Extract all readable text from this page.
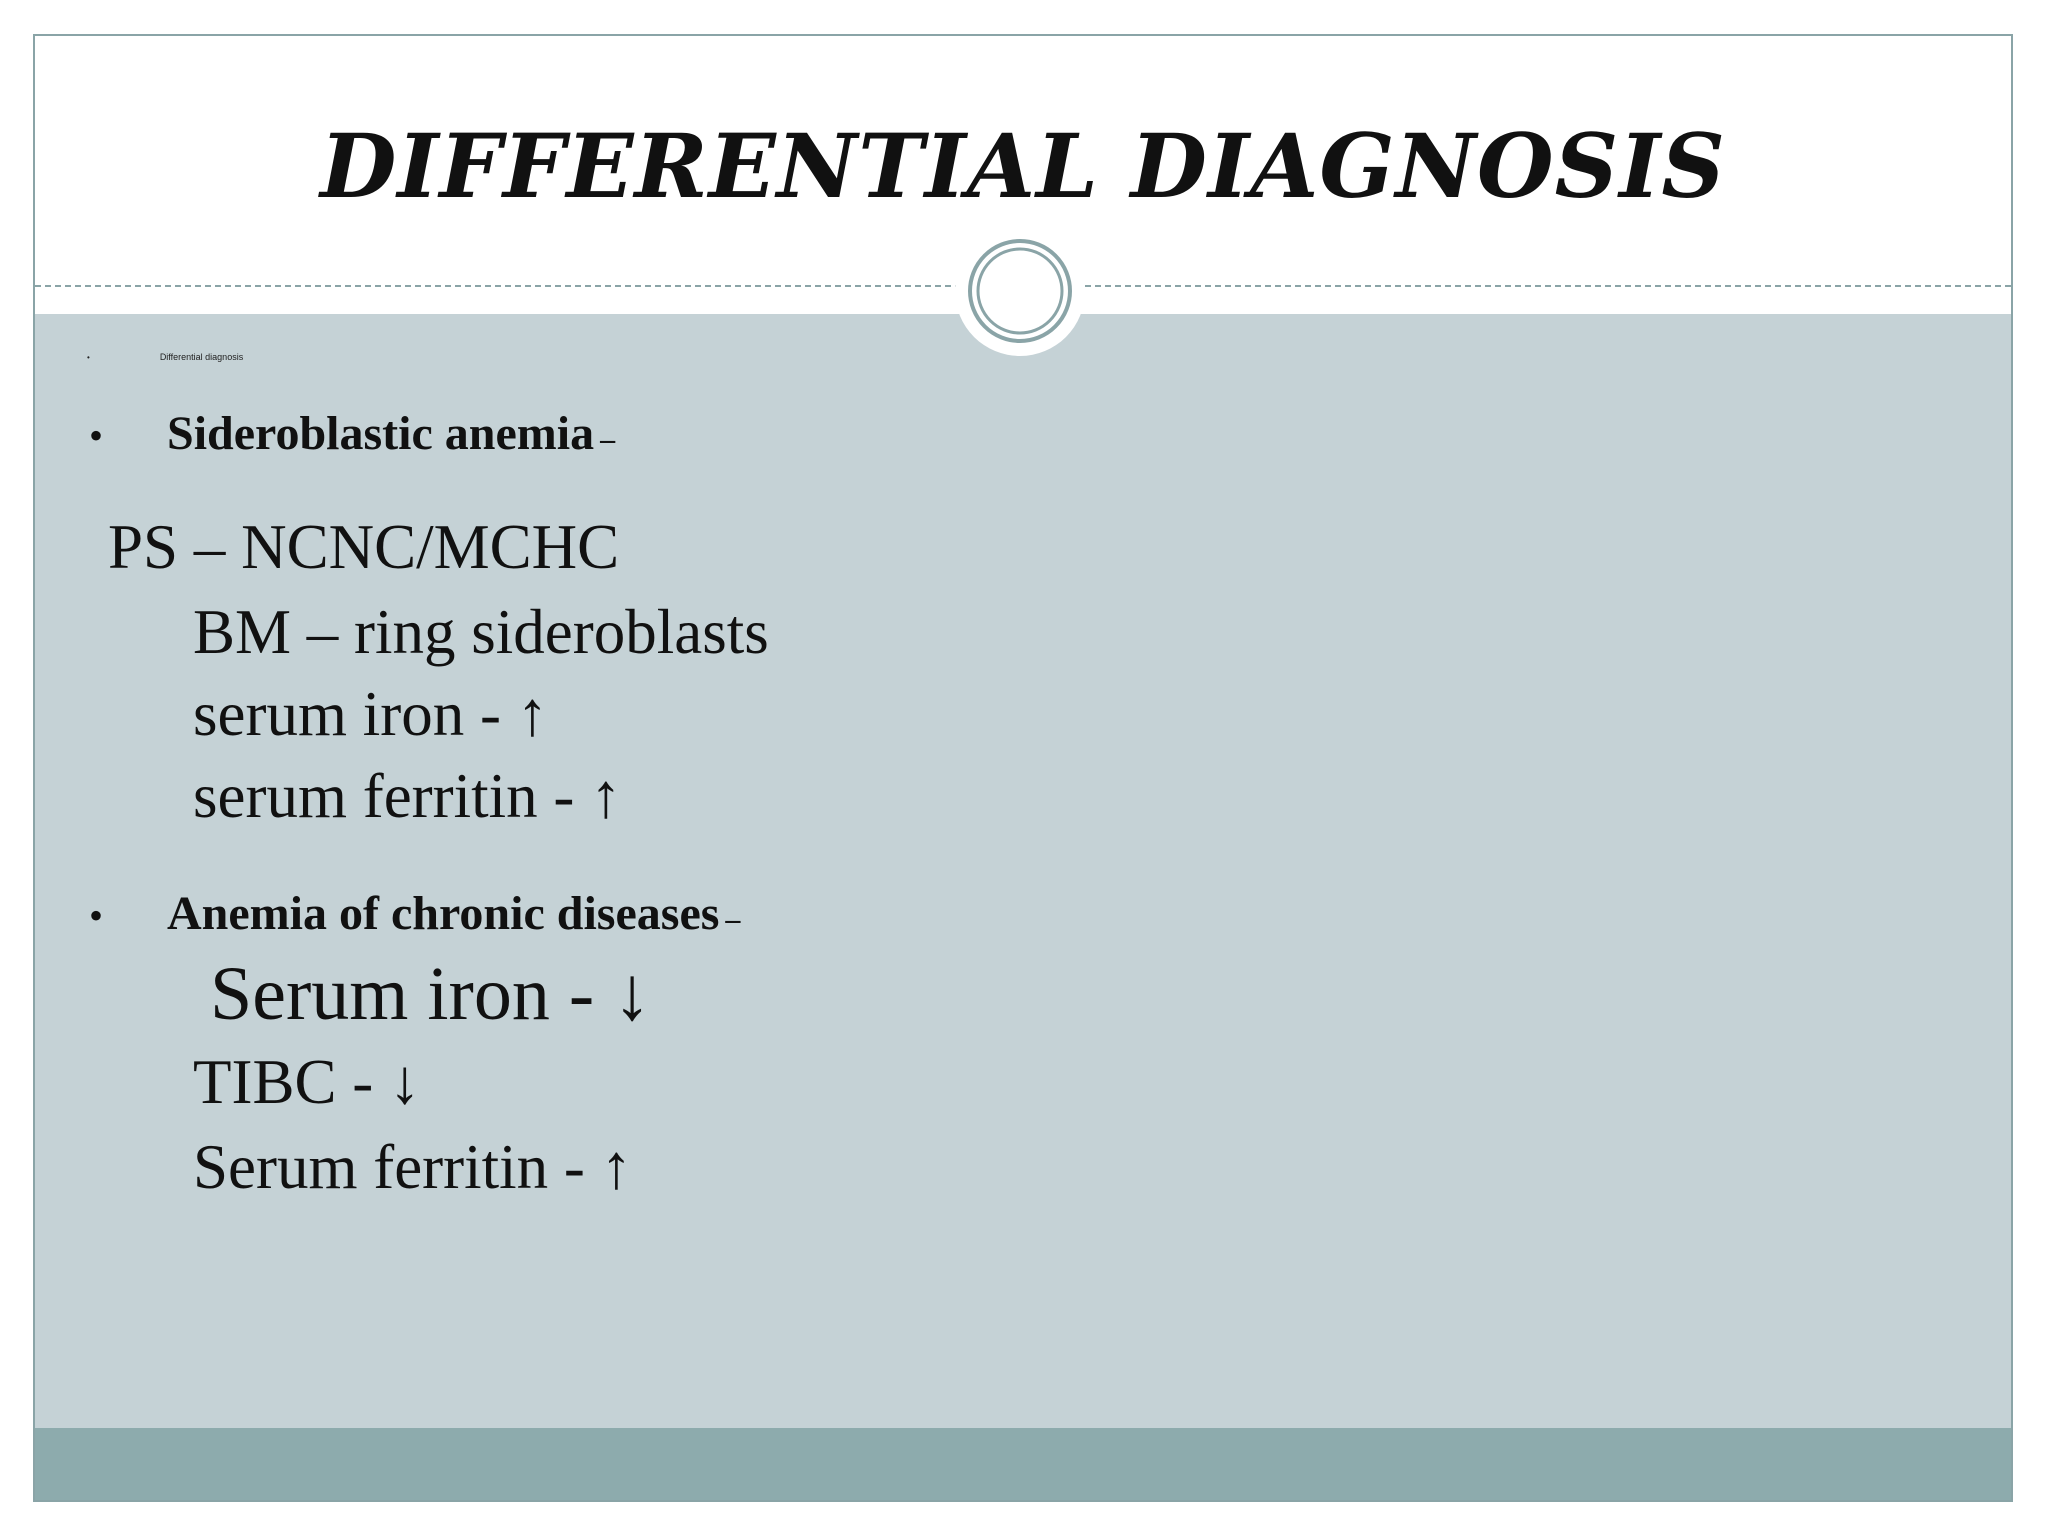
DIFFERENTIAL DIAGNOSIS
•	Differential diagnosis
• Sideroblastic anemia –
PS – NCNC/MCHC
BM – ring sideroblasts
serum iron - ↑
serum ferritin - ↑
• Anemia of chronic diseases –
Serum iron - ↓
TIBC - ↓
Serum ferritin - ↑
